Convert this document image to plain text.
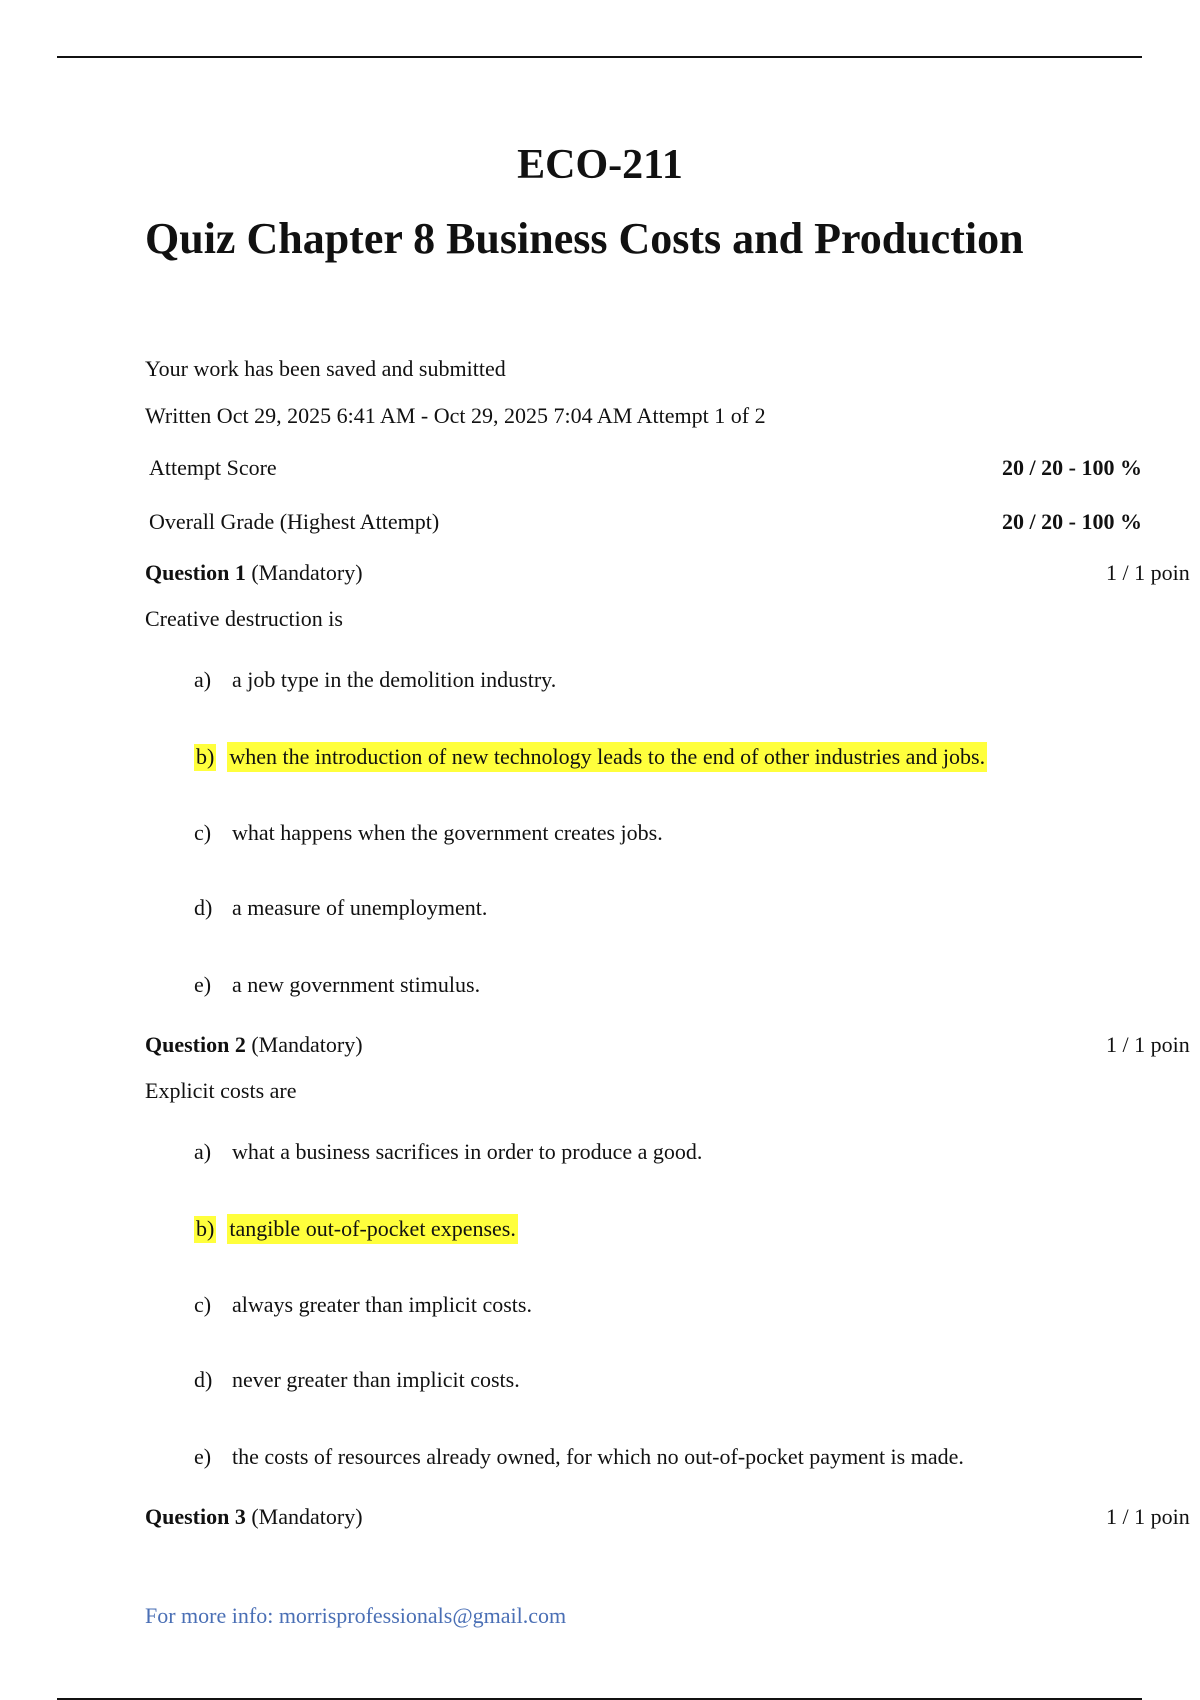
ECO-211
Quiz Chapter 8 Business Costs and Production
Your work has been saved and submitted
Written Oct 29, 2025 6:41 AM - Oct 29, 2025 7:04 AM Attempt 1 of 2
Attempt Score	20 / 20 - 100 %
Overall Grade (Highest Attempt)	20 / 20 - 100 %
Question 1 (Mandatory)	1 / 1 poin
Creative destruction is
a) a job type in the demolition industry.
b) when the introduction of new technology leads to the end of other industries and jobs.
c) what happens when the government creates jobs.
d) a measure of unemployment.
e) a new government stimulus.
Question 2 (Mandatory)	1 / 1 poin
Explicit costs are
a) what a business sacrifices in order to produce a good.
b) tangible out-of-pocket expenses.
c) always greater than implicit costs.
d) never greater than implicit costs.
e) the costs of resources already owned, for which no out-of-pocket payment is made.
Question 3 (Mandatory)	1 / 1 poin
For more info: morrisprofessionals@gmail.com
